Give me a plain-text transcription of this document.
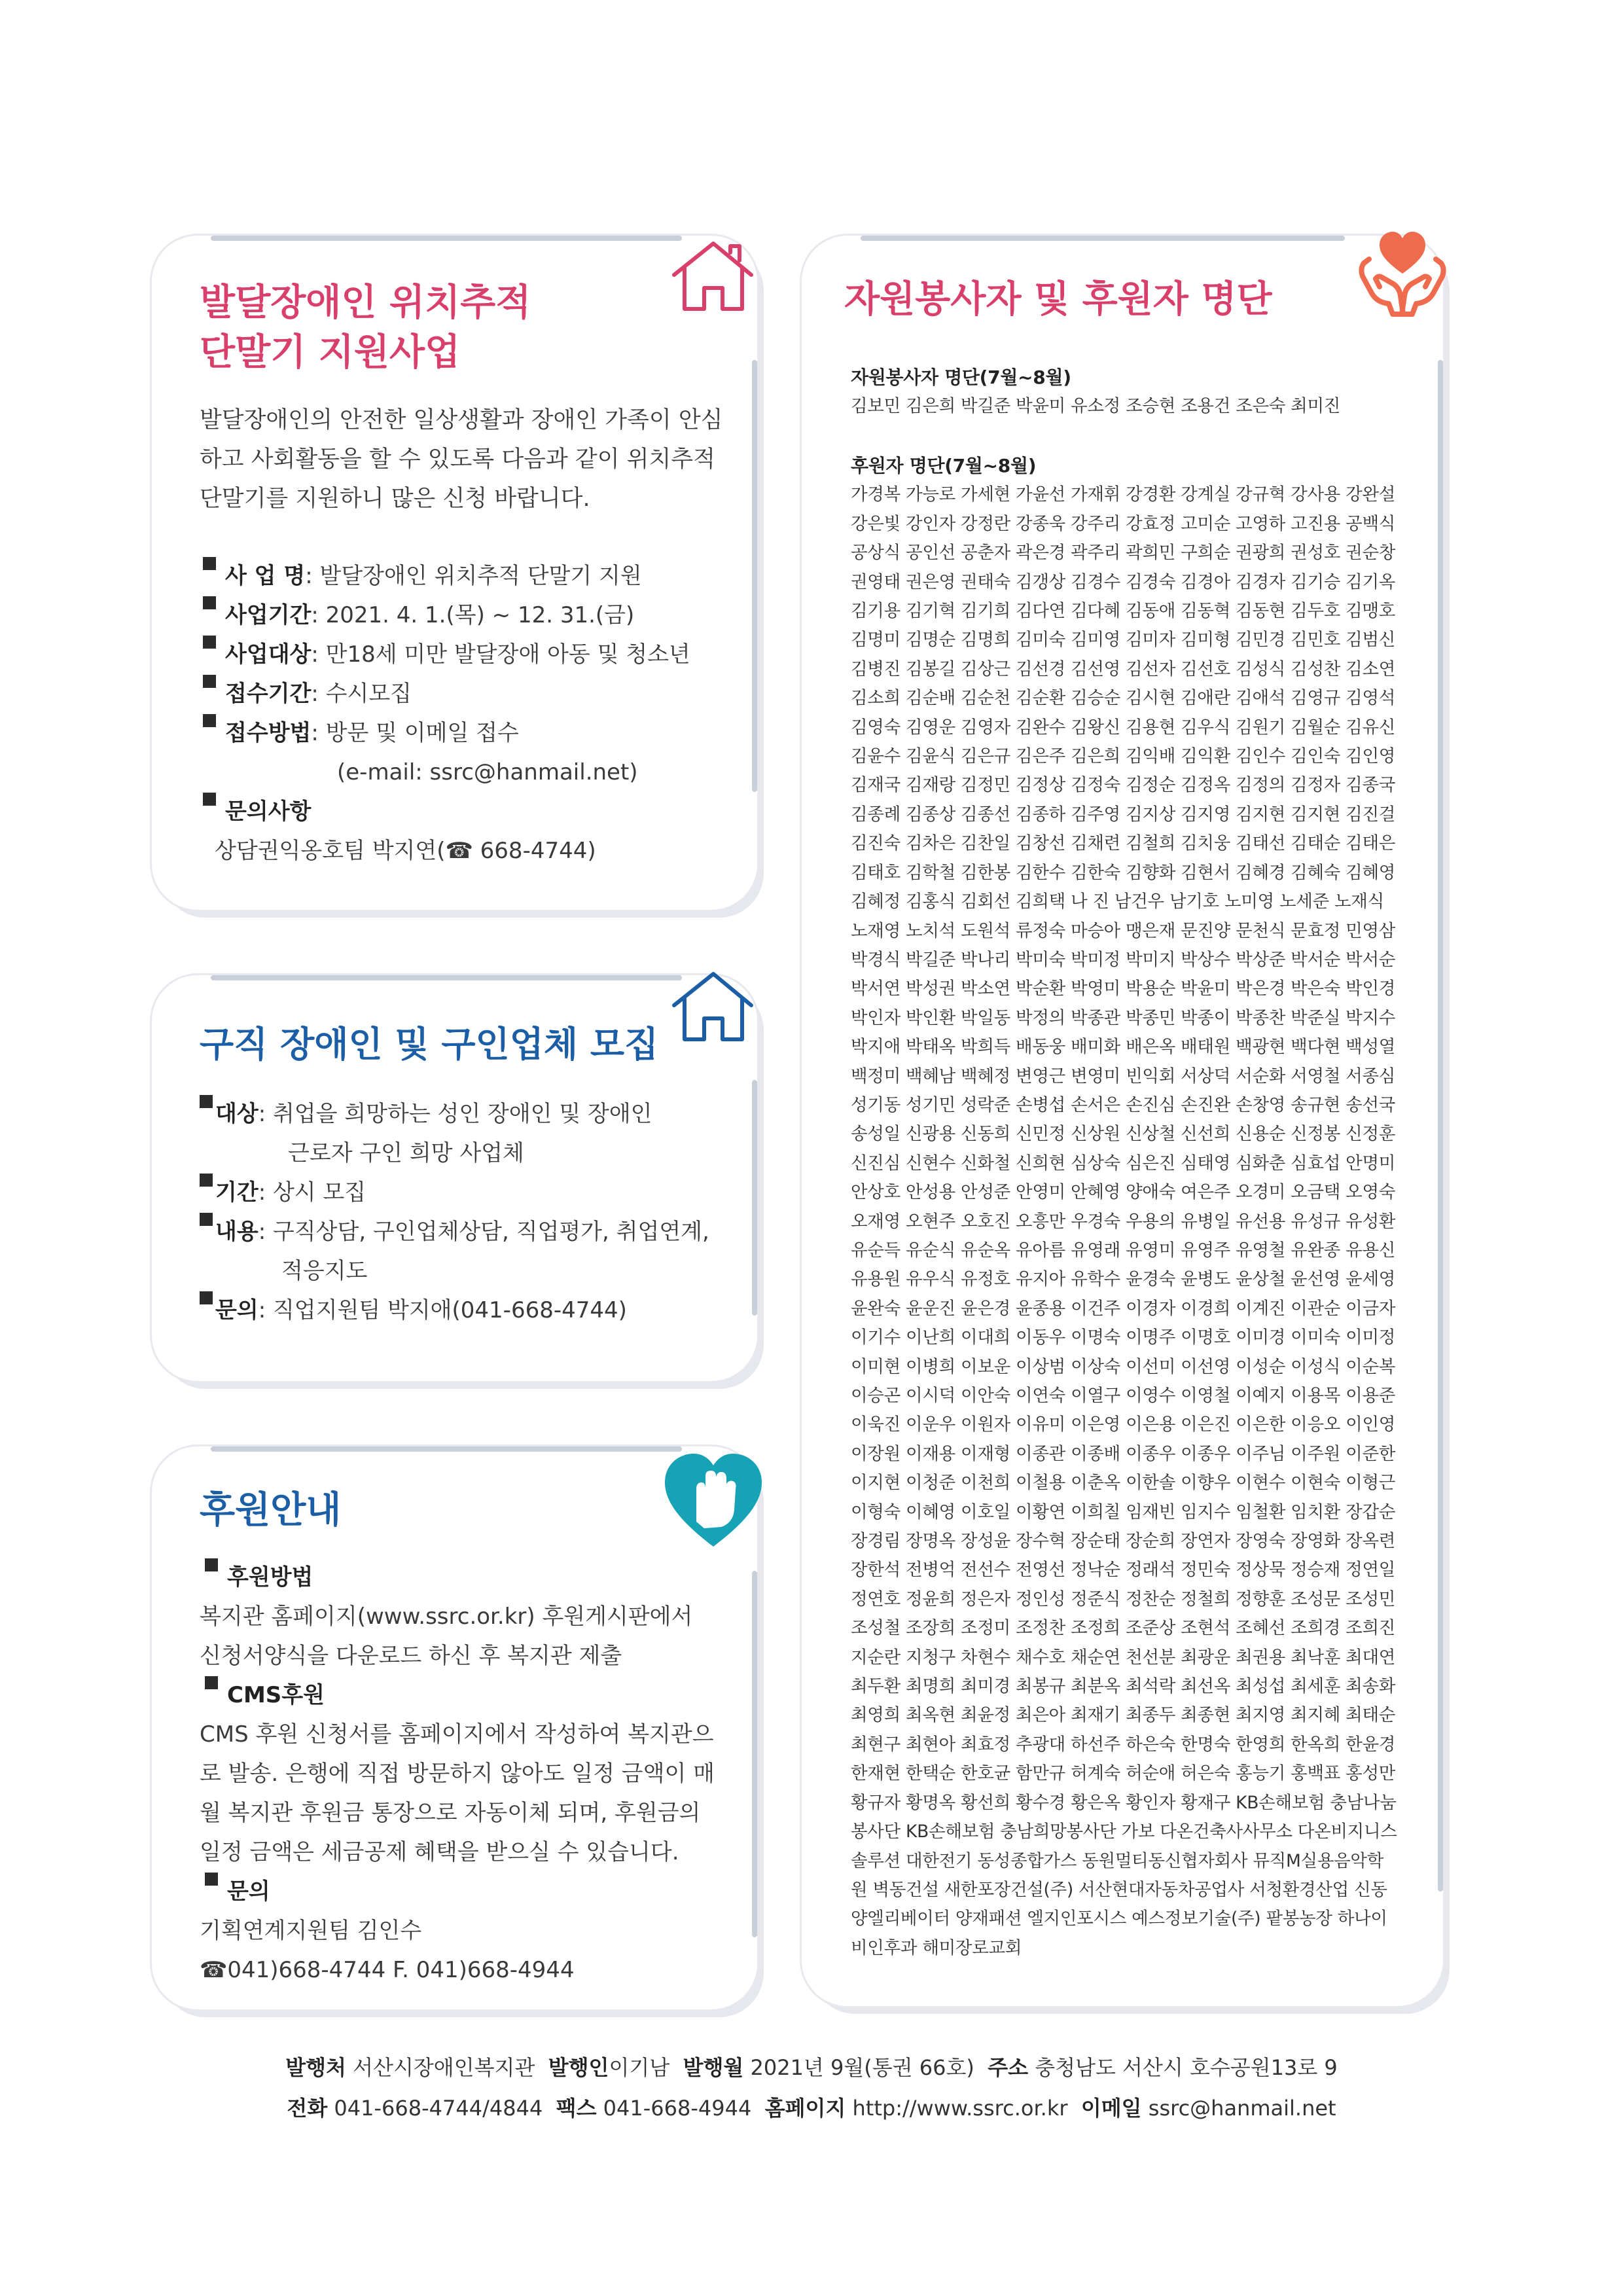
발달장애인 위치추적
단말기 지원사업
발달장애인의 안전한 일상생활과 장애인 가족이 안심
하고 사회활동을 할 수 있도록 다음과 같이 위치추적
단말기를 지원하니 많은 신청 바랍니다.
사 업 명 : 발달장애인 위치추적 단말기 지원
사업기간 : 2021. 4. 1.(목) ~ 12. 31.(금)
사업대상 : 만18세 미만 발달장애 아동 및 청소년
접수기간 : 수시모집
접수방법 : 방문 및 이메일 접수
(e-mail: ssrc@hanmail.net)
문의사항
상담권익옹호팀 박지연(☎ 668-4744)
구직 장애인 및 구인업체 모집
대상 : 취업을 희망하는 성인 장애인 및 장애인
근로자 구인 희망 사업체
기간 : 상시 모집
내용 : 구직상담, 구인업체상담, 직업평가, 취업연계,
적응지도
문의 : 직업지원팀 박지애(041-668-4744)
후원안내
후원방법
복지관 홈페이지(www.ssrc.or.kr) 후원게시판에서
신청서양식을 다운로드 하신 후 복지관 제출
CMS후원
CMS 후원 신청서를 홈페이지에서 작성하여 복지관으
로 발송. 은행에 직접 방문하지 않아도 일정 금액이 매
월 복지관 후원금 통장으로 자동이체 되며, 후원금의
일정 금액은 세금공제 혜택을 받으실 수 있습니다.
문의
기획연계지원팀 김인수
☎041)668-4744 F. 041)668-4944
자원봉사자 및 후원자 명단
자원봉사자 명단(7월~8월)
김보민 김은희 박길준 박윤미 유소정 조승현 조용건 조은숙 최미진
후원자 명단(7월~8월)
가경복 가능로 가세현 가윤선 가재휘 강경환 강계실 강규혁 강사용 강완설
강은빛 강인자 강정란 강종욱 강주리 강효정 고미순 고영하 고진용 공백식
공상식 공인선 공춘자 곽은경 곽주리 곽희민 구희순 권광희 권성호 권순창
권영태 권은영 권태숙 김갱상 김경수 김경숙 김경아 김경자 김기승 김기옥
김기용 김기혁 김기희 김다연 김다혜 김동애 김동혁 김동현 김두호 김맹호
김명미 김명순 김명희 김미숙 김미영 김미자 김미형 김민경 김민호 김범신
김병진 김봉길 김상근 김선경 김선영 김선자 김선호 김성식 김성찬 김소연
김소희 김순배 김순천 김순환 김승순 김시현 김애란 김애석 김영규 김영석
김영숙 김영운 김영자 김완수 김왕신 김용현 김우식 김원기 김월순 김유신
김윤수 김윤식 김은규 김은주 김은희 김익배 김익환 김인수 김인숙 김인영
김재국 김재랑 김정민 김정상 김정숙 김정순 김정옥 김정의 김정자 김종국
김종례 김종상 김종선 김종하 김주영 김지상 김지영 김지현 김지현 김진걸
김진숙 김차은 김찬일 김창선 김채련 김철희 김치웅 김태선 김태순 김태은
김태호 김학철 김한봉 김한수 김한숙 김향화 김현서 김혜경 김혜숙 김혜영
김혜정 김홍식 김회선 김희택 나 진 남건우 남기호 노미영 노세준 노재식
노재영 노치석 도원석 류정숙 마승아 맹은재 문진양 문천식 문효정 민영삼
박경식 박길준 박나리 박미숙 박미정 박미지 박상수 박상준 박서순 박서순
박서연 박성권 박소연 박순환 박영미 박용순 박윤미 박은경 박은숙 박인경
박인자 박인환 박일동 박정의 박종관 박종민 박종이 박종찬 박준실 박지수
박지애 박태옥 박희득 배동웅 배미화 배은옥 배태원 백광현 백다현 백성열
백정미 백혜남 백혜정 변영근 변영미 빈익회 서상덕 서순화 서영철 서종심
성기동 성기민 성락준 손병섭 손서은 손진심 손진완 손창영 송규현 송선국
송성일 신광용 신동희 신민정 신상원 신상철 신선희 신용순 신정봉 신정훈
신진심 신현수 신화철 신희현 심상숙 심은진 심태영 심화춘 심효섭 안명미
안상호 안성용 안성준 안영미 안혜영 양애숙 여은주 오경미 오금택 오영숙
오재영 오현주 오호진 오흥만 우경숙 우용의 유병일 유선용 유성규 유성환
유순득 유순식 유순옥 유아름 유영래 유영미 유영주 유영철 유완종 유용신
유용원 유우식 유정호 유지아 유학수 윤경숙 윤병도 윤상철 윤선영 윤세영
윤완숙 윤운진 윤은경 윤종용 이건주 이경자 이경희 이계진 이관순 이금자
이기수 이난희 이대희 이동우 이명숙 이명주 이명호 이미경 이미숙 이미정
이미현 이병희 이보운 이상범 이상숙 이선미 이선영 이성순 이성식 이순복
이승곤 이시덕 이안숙 이연숙 이열구 이영수 이영철 이예지 이용목 이용준
이욱진 이운우 이원자 이유미 이은영 이은용 이은진 이은한 이응오 이인영
이장원 이재용 이재형 이종관 이종배 이종우 이종우 이주님 이주원 이준한
이지현 이청준 이천희 이철용 이춘옥 이한솔 이향우 이현수 이현숙 이형근
이형숙 이혜영 이호일 이황연 이희칠 임재빈 임지수 임철환 임치환 장갑순
장경림 장명옥 장성윤 장수혁 장순태 장순희 장연자 장영숙 장영화 장옥련
장한석 전병억 전선수 전영선 정낙순 정래석 정민숙 정상묵 정승재 정연일
정연호 정윤희 정은자 정인성 정준식 정찬순 정철희 정향훈 조성문 조성민
조성철 조장희 조정미 조정찬 조정희 조준상 조현석 조혜선 조희경 조희진
지순란 지청구 차현수 채수호 채순연 천선분 최광운 최권용 최낙훈 최대연
최두환 최명희 최미경 최봉규 최분옥 최석락 최선옥 최성섭 최세훈 최송화
최영희 최옥현 최윤정 최은아 최재기 최종두 최종현 최지영 최지혜 최태순
최현구 최현아 최효정 추광대 하선주 하은숙 한명숙 한영희 한옥희 한윤경
한재현 한택순 한호균 함만규 허계숙 허순애 허은숙 홍능기 홍백표 홍성만
황규자 황명옥 황선희 황수경 황은옥 황인자 황재구 KB손해보험 충남나눔
봉사단 KB손해보험 충남희망봉사단 가보 다온건축사사무소 다온비지니스
솔루션 대한전기 동성종합가스 동원멀티동신협자회사 뮤직M실용음악학
원 벽동건설 새한포장건설(주) 서산현대자동차공업사 서청환경산업 신동
양엘리베이터 양재패션 엘지인포시스 예스정보기술(주) 팥봉농장 하나이
비인후과 해미장로교회
발행처 서산시장애인복지관 발행인이기남 발행월 2021년 9월(통권 66호) 주소 충청남도 서산시 호수공원13로 9
전화 041-668-4744/4844 팩스 041-668-4944 홈페이지 http://www.ssrc.or.kr 이메일 ssrc@hanmail.net
